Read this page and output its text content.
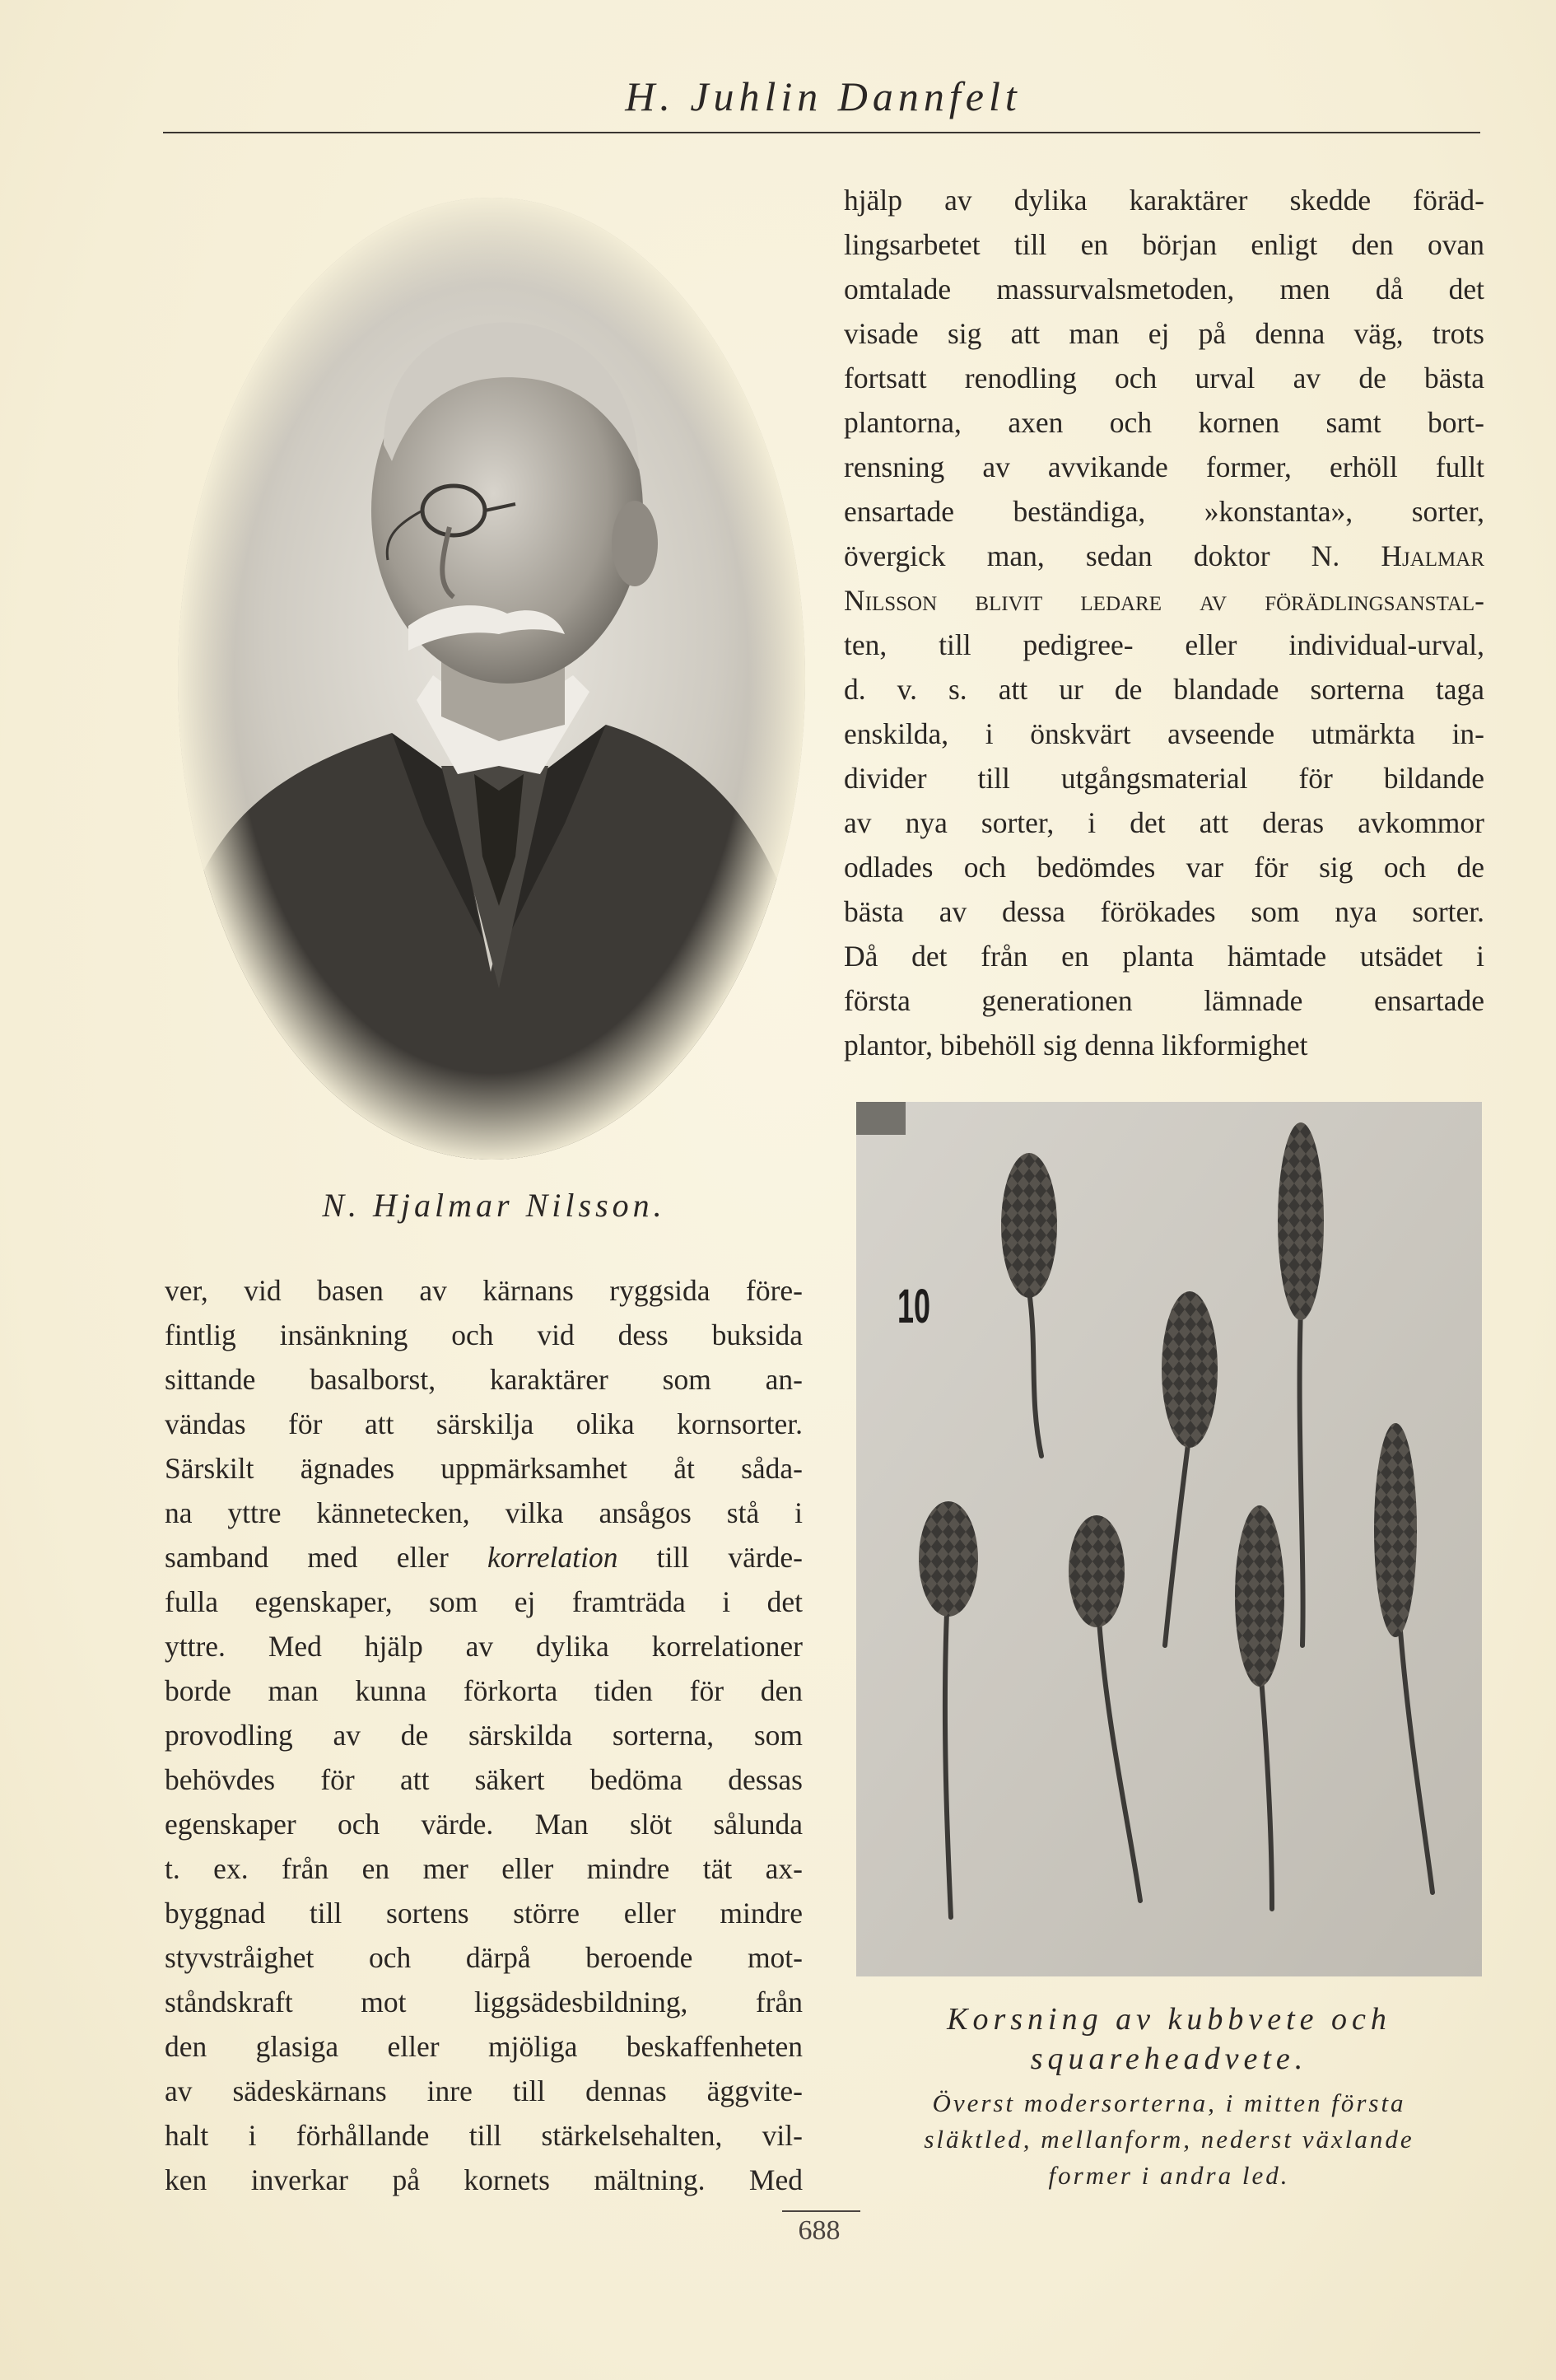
H. Juhlin Dannfelt
N. Hjalmar Nilsson.
hjälp av dylika karaktärer skedde föräd-
lingsarbetet till en början enligt den ovan
omtalade massurvalsmetoden, men då det
visade sig att man ej på denna väg, trots
fortsatt renodling och urval av de bästa
plantorna, axen och kornen samt bort-
rensning av avvikande former, erhöll fullt
ensartade beständiga, »konstanta», sorter,
övergick man, sedan doktor N. Hjalmar
Nilsson blivit ledare av förädlingsanstal-
ten, till pedigree- eller individual-urval,
d. v. s. att ur de blandade sorterna taga
enskilda, i önskvärt avseende utmärkta in-
divider till utgångsmaterial för bildande
av nya sorter, i det att deras avkommor
odlades och bedömdes var för sig och de
bästa av dessa förökades som nya sorter.
Då det från en planta hämtade utsädet i
första generationen lämnade ensartade
plantor, bibehöll sig denna likformighet
10
Korsning av kubbvete och
squareheadvete.
Överst modersorterna, i mitten första
släktled, mellanform, nederst växlande
former i andra led.
ver, vid basen av kärnans ryggsida före-
fintlig insänkning och vid dess buksida
sittande basalborst, karaktärer som an-
vändas för att särskilja olika kornsorter.
Särskilt ägnades uppmärksamhet åt såda-
na yttre kännetecken, vilka ansågos stå i
samband med eller korrelation till värde-
fulla egenskaper, som ej framträda i det
yttre. Med hjälp av dylika korrelationer
borde man kunna förkorta tiden för den
provodling av de särskilda sorterna, som
behövdes för att säkert bedöma dessas
egenskaper och värde. Man slöt sålunda
t. ex. från en mer eller mindre tät ax-
byggnad till sortens större eller mindre
styvstråighet och därpå beroende mot-
ståndskraft mot liggsädesbildning, från
den glasiga eller mjöliga beskaffenheten
av sädeskärnans inre till dennas äggvite-
halt i förhållande till stärkelsehalten, vil-
ken inverkar på kornets mältning. Med
688
